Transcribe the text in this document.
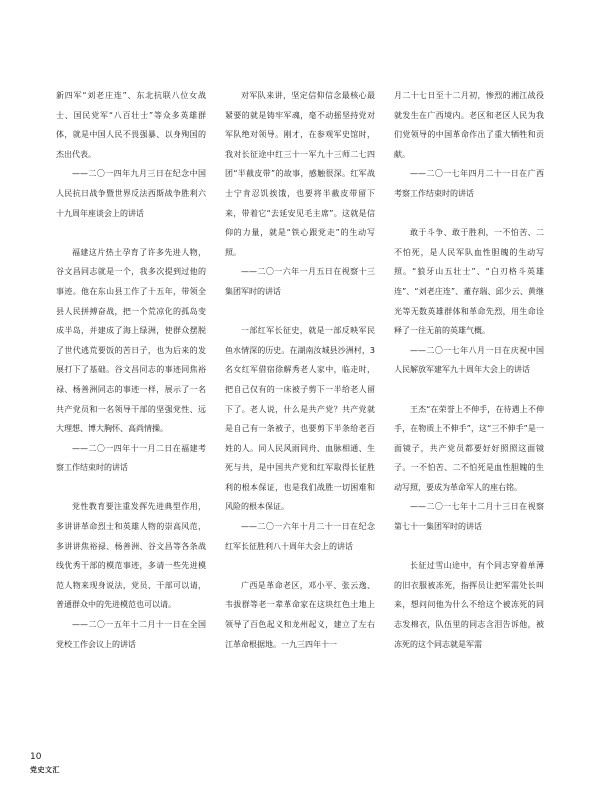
新四军“刘老庄连”、东北抗联八位女战士、国民党军“八百壮士”等众多英雄群体，就是中国人民不畏强暴、以身殉国的杰出代表。

——二〇一四年九月三日在纪念中国人民抗日战争暨世界反法西斯战争胜利六十九周年座谈会上的讲话

福建这片热土孕育了许多先进人物，谷文昌同志就是一个，我多次提到过他的事迹。他在东山县工作了十五年，带领全县人民拼搏奋战，把一个荒凉化的孤岛变成半岛，并建成了海上绿洲，使群众摆脱了世代逃荒要饭的苦日子，也为后来的发展打下了基础。谷文昌同志的事迹同焦裕禄、杨善洲同志的事迹一样，展示了一名共产党员和一名领导干部的坚强党性、远大理想、博大胸怀、高尚情操。

——二〇一四年十一月二日在福建考察工作结束时的讲话

党性教育要注重发挥先进典型作用，多讲讲革命烈士和英雄人物的崇高风范，多讲讲焦裕禄、杨善洲、谷文昌等各条战线优秀干部的模范事迹，多请一些先进模范人物来现身说法，党员、干部可以请，普通群众中的先进模范也可以请。

——二〇一五年十二月十一日在全国党校工作会议上的讲话

对军队来讲，坚定信仰信念最核心最紧要的就是铸牢军魂，毫不动摇坚持党对军队绝对领导。刚才，在参观军史馆时，我对长征途中红三十一军九十三师二七四团“半截皮带”的故事，感触很深。红军战士宁肯忍饥挨饿，也要将半截皮带留下来，带着它“去延安见毛主席”。这就是信仰的力量，就是“铁心跟党走”的生动写照。

——二〇一六年一月五日在视察十三集团军时的讲话

一部红军长征史，就是一部反映军民鱼水情深的历史。在湖南汝城县沙洲村，3名女红军借宿徐解秀老人家中，临走时，把自己仅有的一床被子剪下一半给老人留下了。老人说，什么是共产党？共产党就是自己有一条被子，也要剪下半条给老百姓的人。同人民风雨同舟、血脉相通、生死与共，是中国共产党和红军取得长征胜利的根本保证，也是我们战胜一切困难和风险的根本保证。

——二〇一六年十月二十一日在纪念红军长征胜利八十周年大会上的讲话

广西是革命老区，邓小平、张云逸、韦拔群等老一辈革命家在这块红色土地上领导了百色起义和龙州起义，建立了左右江革命根据地。一九三四年十一

月二十七日至十二月初，惨烈的湘江战役就发生在广西境内。老区和老区人民为我们党领导的中国革命作出了重大牺牲和贡献。

——二〇一七年四月二十一日在广西考察工作结束时的讲话

敢于斗争、敢于胜利，一不怕苦、二不怕死，是人民军队血性胆魄的生动写照。“狼牙山五壮士”、“白刃格斗英雄连”、“刘老庄连”、董存瑞、邱少云、黄继光等无数英雄群体和革命先烈，用生命诠释了一往无前的英雄气概。

——二〇一七年八月一日在庆祝中国人民解放军建军九十周年大会上的讲话

王杰“在荣誉上不伸手，在待遇上不伸手，在物质上不伸手”，这“三不伸手”是一面镜子，共产党员都要好好照照这面镜子。一不怕苦、二不怕死是血性胆魄的生动写照，要成为革命军人的座右铭。

——二〇一七年十二月十三日在视察第七十一集团军时的讲话

长征过雪山途中，有个同志穿着单薄的旧衣服被冻死，指挥员让把军需处长叫来，想问问他为什么不给这个被冻死的同志发棉衣，队伍里的同志含泪告诉他，被冻死的这个同志就是军需

10
党史文汇
